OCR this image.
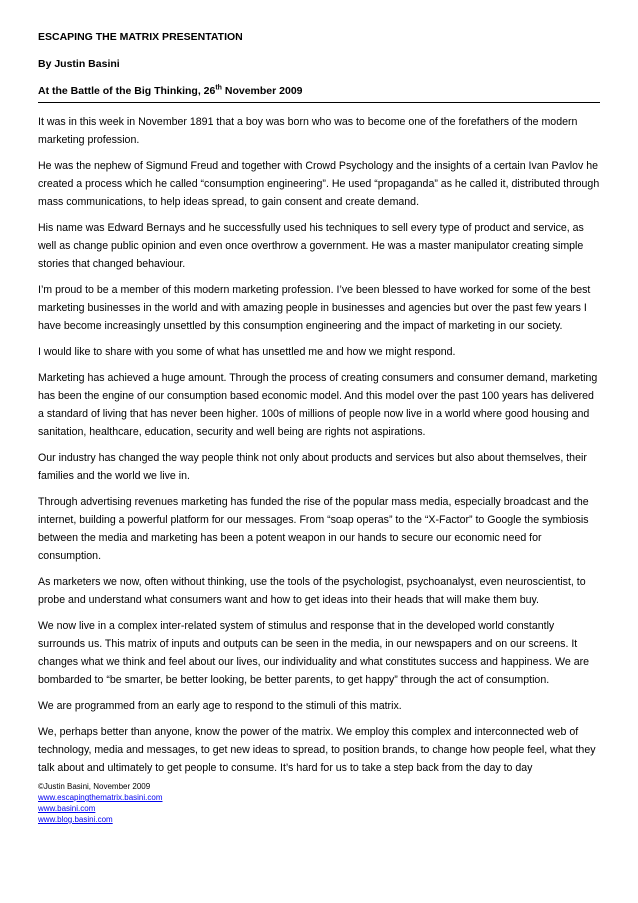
ESCAPING THE MATRIX PRESENTATION
By Justin Basini
At the Battle of the Big Thinking, 26th November 2009

It was in this week in November 1891 that a boy was born who was to become one of the forefathers of the modern marketing profession.

He was the nephew of Sigmund Freud and together with Crowd Psychology and the insights of a certain Ivan Pavlov he created a process which he called “consumption engineering”. He used “propaganda” as he called it, distributed through mass communications, to help ideas spread, to gain consent and create demand.

His name was Edward Bernays and he successfully used his techniques to sell every type of product and service, as well as change public opinion and even once overthrow a government. He was a master manipulator creating simple stories that changed behaviour.

I’m proud to be a member of this modern marketing profession. I’ve been blessed to have worked for some of the best marketing businesses in the world and with amazing people in businesses and agencies but over the past few years I have become increasingly unsettled by this consumption engineering and the impact of marketing in our society.

I would like to share with you some of what has unsettled me and how we might respond.

Marketing has achieved a huge amount. Through the process of creating consumers and consumer demand, marketing has been the engine of our consumption based economic model. And this model over the past 100 years has delivered a standard of living that has never been higher. 100s of millions of people now live in a world where good housing and sanitation, healthcare, education, security and well being are rights not aspirations.

Our industry has changed the way people think not only about products and services but also about themselves, their families and the world we live in.

Through advertising revenues marketing has funded the rise of the popular mass media, especially broadcast and the internet, building a powerful platform for our messages. From “soap operas” to the “X-Factor” to Google the symbiosis between the media and marketing has been a potent weapon in our hands to secure our economic need for consumption.

As marketers we now, often without thinking, use the tools of the psychologist, psychoanalyst, even neuroscientist, to probe and understand what consumers want and how to get ideas into their heads that will make them buy.

We now live in a complex inter-related system of stimulus and response that in the developed world constantly surrounds us. This matrix of inputs and outputs can be seen in the media, in our newspapers and on our screens. It changes what we think and feel about our lives, our individuality and what constitutes success and happiness. We are bombarded to “be smarter, be better looking, be better parents, to get happy” through the act of consumption.

We are programmed from an early age to respond to the stimuli of this matrix.

We, perhaps better than anyone, know the power of the matrix. We employ this complex and interconnected web of technology, media and messages, to get new ideas to spread, to position brands, to change how people feel, what they talk about and ultimately to get people to consume. It’s hard for us to take a step back from the day to day

©Justin Basini, November 2009
www.escapingthematrix.basini.com
www.basini.com
www.blog.basini.com
